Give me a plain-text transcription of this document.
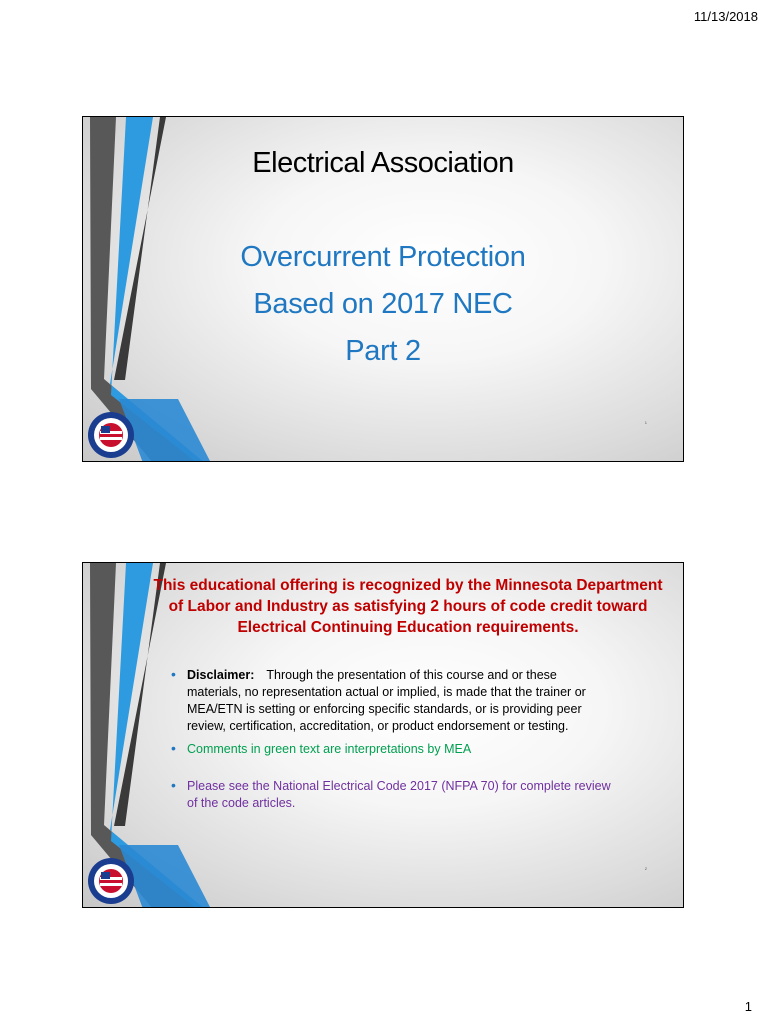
11/13/2018
Electrical Association
Overcurrent Protection
Based on 2017 NEC
Part 2
1
This educational offering is recognized by the Minnesota Department of Labor and Industry as satisfying 2 hours of code credit toward Electrical Continuing Education requirements.
• Disclaimer: Through the presentation of this course and or these materials, no representation actual or implied, is made that the trainer or MEA/ETN is setting or enforcing specific standards, or is providing peer review, certification, accreditation, or product endorsement or testing.
• Comments in green text are interpretations by MEA
• Please see the National Electrical Code 2017 (NFPA 70) for complete review of the code articles.
2
1
